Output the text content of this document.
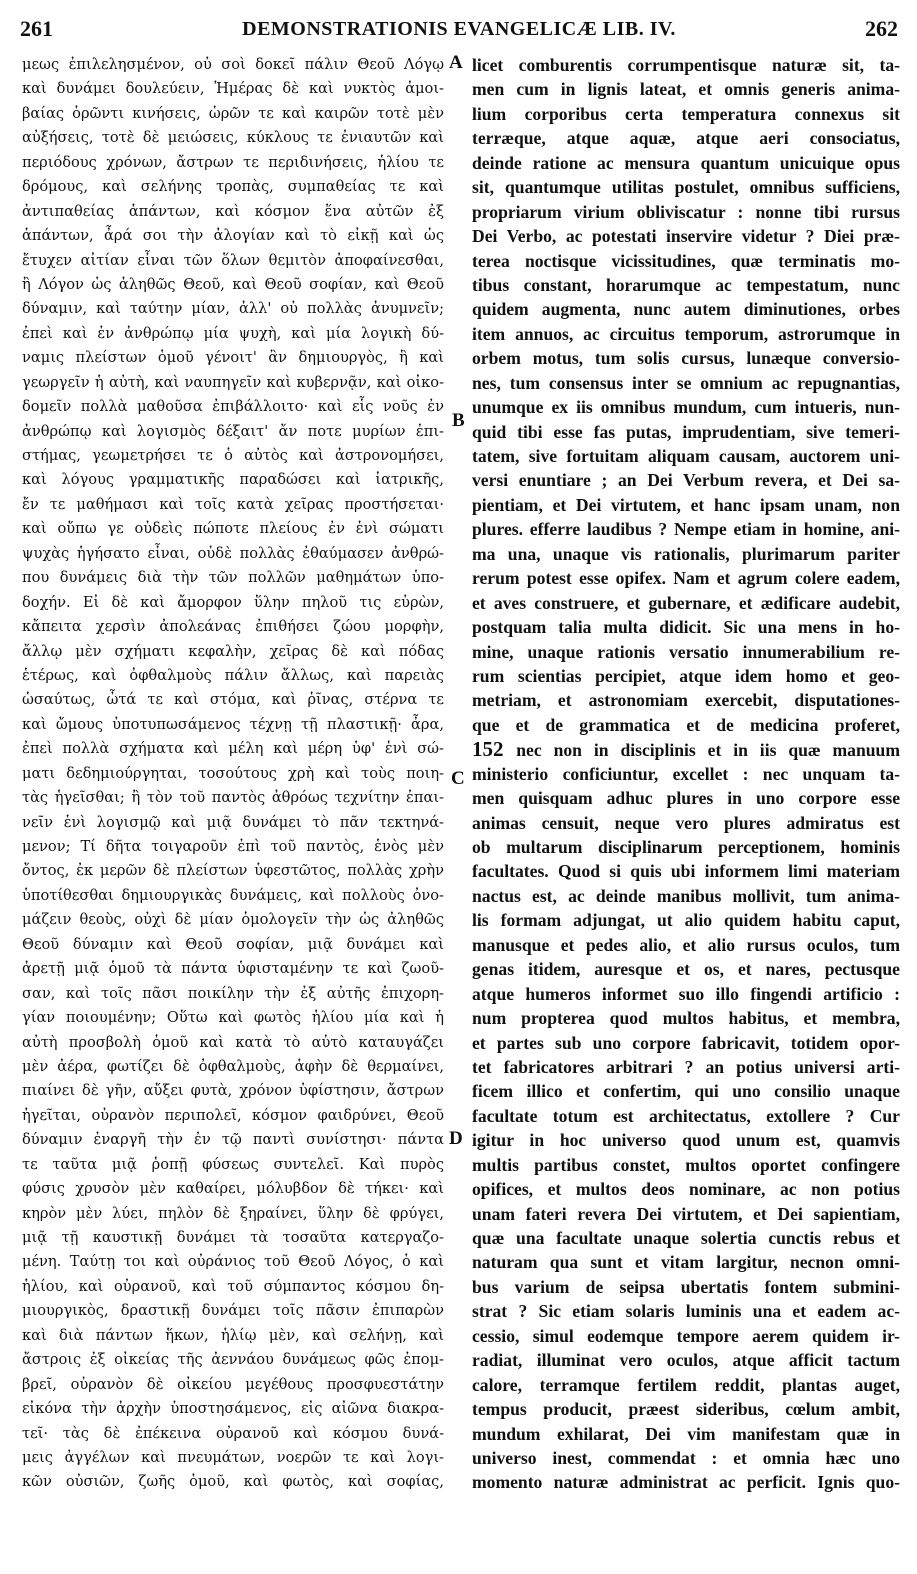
261	DEMONSTRATIONIS EVANGELICÆ LIB. IV.	262
μεως ἐπιλελησμένον, οὐ σοὶ δοκεῖ πάλιν Θεοῦ Λόγῳ
καὶ δυνάμει δουλεύειν, Ἡμέρας δὲ καὶ νυκτὸς ἀμοι-
βαίας ὁρῶντι κινήσεις, ὡρῶν τε καὶ καιρῶν τοτὲ μὲν
αὐξήσεις, τοτὲ δὲ μειώσεις, κύκλους τε ἐνιαυτῶν καὶ
περιόδους χρόνων, ἄστρων τε περιδινήσεις, ἡλίου τε
δρόμους, καὶ σελήνης τροπὰς, συμπαθείας τε καὶ
ἀντιπαθείας ἁπάντων, καὶ κόσμον ἕνα αὐτῶν ἐξ
ἁπάντων, ἆρά σοι τὴν ἀλογίαν καὶ τὸ εἰκῇ καὶ ὡς
ἔτυχεν αἰτίαν εἶναι τῶν ὅλων θεμιτὸν ἀποφαίνεσθαι,
ἢ Λόγον ὡς ἀληθῶς Θεοῦ, καὶ Θεοῦ σοφίαν, καὶ Θεοῦ
δύναμιν, καὶ ταύτην μίαν, ἀλλ' οὐ πολλὰς ἀνυμνεῖν;
ἐπεὶ καὶ ἐν ἀνθρώπῳ μία ψυχὴ, καὶ μία λογικὴ δύ-
ναμις πλείστων ὁμοῦ γένοιτ' ἂν δημιουργὸς, ἣ καὶ
γεωργεῖν ἡ αὐτὴ, καὶ ναυπηγεῖν καὶ κυβερνᾷν, καὶ οἰκο-
δομεῖν πολλὰ μαθοῦσα ἐπιβάλλοιτο· καὶ εἷς νοῦς ἐν
ἀνθρώπῳ καὶ λογισμὸς δέξαιτ' ἄν ποτε μυρίων ἐπι-
στήμας, γεωμετρήσει τε ὁ αὐτὸς καὶ ἀστρονομήσει,
καὶ λόγους γραμματικῆς παραδώσει καὶ ἰατρικῆς,
ἔν τε μαθήμασι καὶ τοῖς κατὰ χεῖρας προστήσεται·
καὶ οὔπω γε οὐδεὶς πώποτε πλείους ἐν ἑνὶ σώματι
ψυχὰς ἡγήσατο εἶναι, οὐδὲ πολλὰς ἐθαύμασεν ἀνθρώ-
που δυνάμεις διὰ τὴν τῶν πολλῶν μαθημάτων ὑπο-
δοχήν. Εἰ δὲ καὶ ἄμορφον ὕλην πηλοῦ τις εὑρὼν,
κἄπειτα χερσὶν ἀπολεάνας ἐπιθήσει ζώου μορφὴν,
ἄλλῳ μὲν σχήματι κεφαλὴν, χεῖρας δὲ καὶ πόδας
ἑτέρως, καὶ ὀφθαλμοὺς πάλιν ἄλλως, καὶ παρειὰς
ὡσαύτως, ὦτά τε καὶ στόμα, καὶ ῥῖνας, στέρνα τε
καὶ ὤμους ὑποτυπωσάμενος τέχνῃ τῇ πλαστικῇ· ἆρα,
ἐπεὶ πολλὰ σχήματα καὶ μέλη καὶ μέρη ὑφ' ἑνὶ σώ-
ματι δεδημιούργηται, τοσούτους χρὴ καὶ τοὺς ποιη-
τὰς ἡγεῖσθαι; ἢ τὸν τοῦ παντὸς ἀθρόως τεχνίτην ἐπαι-
νεῖν ἑνὶ λογισμῷ καὶ μιᾷ δυνάμει τὸ πᾶν τεκτηνά-
μενον; Τί δῆτα τοιγαροῦν ἐπὶ τοῦ παντὸς, ἑνὸς μὲν
ὄντος, ἐκ μερῶν δὲ πλείστων ὑφεστῶτος, πολλὰς χρὴν
ὑποτίθεσθαι δημιουργικὰς δυνάμεις, καὶ πολλοὺς ὀνο-
μάζειν θεοὺς, οὐχὶ δὲ μίαν ὁμολογεῖν τὴν ὡς ἀληθῶς
Θεοῦ δύναμιν καὶ Θεοῦ σοφίαν, μιᾷ δυνάμει καὶ
ἀρετῇ μιᾷ ὁμοῦ τὰ πάντα ὑφισταμένην τε καὶ ζωοῦ-
σαν, καὶ τοῖς πᾶσι ποικίλην τὴν ἐξ αὐτῆς ἐπιχορη-
γίαν ποιουμένην; Οὕτω καὶ φωτὸς ἡλίου μία καὶ ἡ
αὐτὴ προσβολὴ ὁμοῦ καὶ κατὰ τὸ αὐτὸ καταυγάζει
μὲν ἀέρα, φωτίζει δὲ ὀφθαλμοὺς, ἁφὴν δὲ θερμαίνει,
πιαίνει δὲ γῆν, αὔξει φυτὰ, χρόνον ὑφίστησιν, ἄστρων
ἡγεῖται, οὐρανὸν περιπολεῖ, κόσμον φαιδρύνει, Θεοῦ
δύναμιν ἐναργῆ τὴν ἐν τῷ παντὶ συνίστησι· πάντα
τε ταῦτα μιᾷ ῥοπῇ φύσεως συντελεῖ. Καὶ πυρὸς
φύσις χρυσὸν μὲν καθαίρει, μόλυβδον δὲ τήκει· καὶ
κηρὸν μὲν λύει, πηλὸν δὲ ξηραίνει, ὕλην δὲ φρύγει,
μιᾷ τῇ καυστικῇ δυνάμει τὰ τοσαῦτα κατεργαζο-
μένη. Ταύτῃ τοι καὶ οὐράνιος τοῦ Θεοῦ Λόγος, ὁ καὶ
ἡλίου, καὶ οὐρανοῦ, καὶ τοῦ σύμπαντος κόσμου δη-
μιουργικὸς, δραστικῇ δυνάμει τοῖς πᾶσιν ἐπιπαρὼν
καὶ διὰ πάντων ἥκων, ἡλίῳ μὲν, καὶ σελήνῃ, καὶ
ἄστροις ἐξ οἰκείας τῆς ἀεννάου δυνάμεως φῶς ἐπομ-
βρεῖ, οὐρανὸν δὲ οἰκείου μεγέθους προσφυεστάτην
εἰκόνα τὴν ἀρχὴν ὑποστησάμενος, εἰς αἰῶνα διακρα-
τεῖ· τὰς δὲ ἐπέκεινα οὐρανοῦ καὶ κόσμου δυνά-
μεις ἀγγέλων καὶ πνευμάτων, νοερῶν τε καὶ λογι-
κῶν οὐσιῶν, ζωῆς ὁμοῦ, καὶ φωτὸς, καὶ σοφίας,
licet comburentis corrumpentisque naturæ sit, ta-
men cum in lignis lateat, et omnis generis anima-
lium corporibus certa temperatura connexus sit
terræque, atque aquæ, atque aeri consociatus,
deinde ratione ac mensura quantum unicuique opus
sit, quantumque utilitas postulet, omnibus sufficiens,
propriarum virium obliviscatur : nonne tibi rursus
Dei Verbo, ac potestati inservire videtur ? Diei præ-
terea noctisque vicissitudines, quæ terminatis mo-
tibus constant, horarumque ac tempestatum, nunc
quidem augmenta, nunc autem diminutiones, orbes
item annuos, ac circuitus temporum, astrorumque in
orbem motus, tum solis cursus, lunæque conversio-
nes, tum consensus inter se omnium ac repugnantias,
unumque ex iis omnibus mundum, cum intueris, nun-
quid tibi esse fas putas, imprudentiam, sive temeri-
tatem, sive fortuitam aliquam causam, auctorem uni-
versi enuntiare ; an Dei Verbum revera, et Dei sa-
pientiam, et Dei virtutem, et hanc ipsam unam, non
plures. efferre laudibus ? Nempe etiam in homine, ani-
ma una, unaque vis rationalis, plurimarum pariter
rerum potest esse opifex. Nam et agrum colere eadem,
et aves construere, et gubernare, et ædificare audebit,
postquam talia multa didicit. Sic una mens in ho-
mine, unaque rationis versatio innumerabilium re-
rum scientias percipiet, atque idem homo et geo-
metriam, et astronomiam exercebit, disputationes-
que et de grammatica et de medicina proferet,
152 nec non in disciplinis et in iis quæ manuum
ministerio conficiuntur, excellet : nec unquam ta-
men quisquam adhuc plures in uno corpore esse
animas censuit, neque vero plures admiratus est
ob multarum disciplinarum perceptionem, hominis
facultates. Quod si quis ubi informem limi materiam
nactus est, ac deinde manibus mollivit, tum anima-
lis formam adjungat, ut alio quidem habitu caput,
manusque et pedes alio, et alio rursus oculos, tum
genas itidem, auresque et os, et nares, pectusque
atque humeros informet suo illo fingendi artificio :
num propterea quod multos habitus, et membra,
et partes sub uno corpore fabricavit, totidem opor-
tet fabricatores arbitrari ? an potius universi arti-
ficem illico et confertim, qui uno consilio unaque
facultate totum est architectatus, extollere ? Cur
igitur in hoc universo quod unum est, quamvis
multis partibus constet, multos oportet confingere
opifices, et multos deos nominare, ac non potius
unam fateri revera Dei virtutem, et Dei sapientiam,
quæ una facultate unaque solertia cunctis rebus et
naturam qua sunt et vitam largitur, necnon omni-
bus varium de seipsa ubertatis fontem submini-
strat ? Sic etiam solaris luminis una et eadem ac-
cessio, simul eodemque tempore aerem quidem ir-
radiat, illuminat vero oculos, atque afficit tactum
calore, terramque fertilem reddit, plantas auget,
tempus producit, præest sideribus, cœlum ambit,
mundum exhilarat, Dei vim manifestam quæ in
universo inest, commendat : et omnia hæc uno
momento naturæ administrat ac perficit. Ignis quo-
A
B
C
D
